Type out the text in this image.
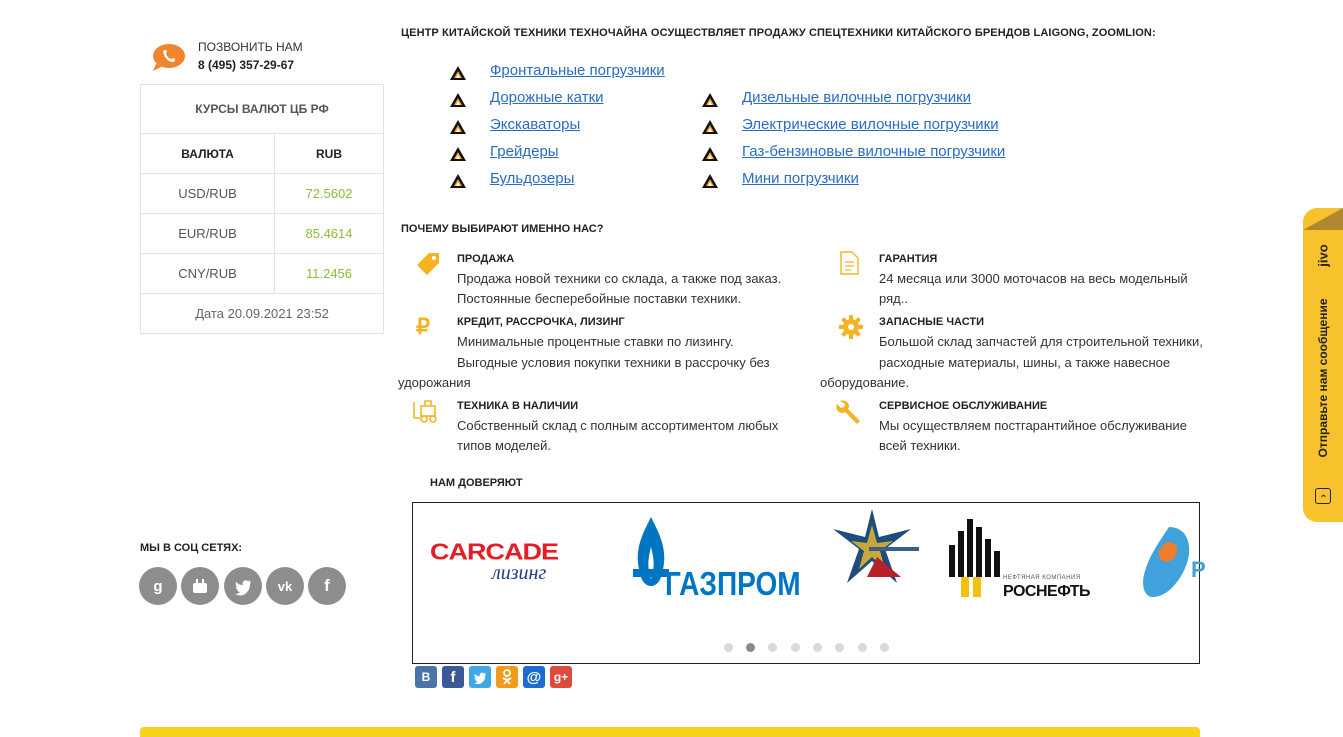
ПОЗВОНИТЬ НАМ
8 (495) 357-29-67
КУРСЫ ВАЛЮТ ЦБ РФ	
ВАЛЮТА	RUB
USD/RUB	72.5602
EUR/RUB	85.4614
CNY/RUB	11.2456
Дата 20.09.2021 23:52	
МЫ В СОЦ СЕТЯХ:
g	vk	f
ЦЕНТР КИТАЙСКОЙ ТЕХНИКИ ТЕХНОЧАЙНА ОСУЩЕСТВЛЯЕТ ПРОДАЖУ СПЕЦТЕХНИКИ КИТАЙСКОГО БРЕНДОВ LAIGONG, ZOOMLION:
Фронтальные погрузчики
Дорожные катки
Экскаваторы
Грейдеры
Бульдозеры
Дизельные вилочные погрузчики
Электрические вилочные погрузчики
Газ-бензиновые вилочные погрузчики
Мини погрузчики
ПОЧЕМУ ВЫБИРАЮТ ИМЕННО НАС?
ПРОДАЖА
Продажа новой техники со склада, а также под заказ.
Постоянные бесперебойные поставки техники.
ГАРАНТИЯ
24 месяца или 3000 моточасов на весь модельный
ряд..
₽ КРЕДИТ, РАССРОЧКА, ЛИЗИНГ
Минимальные процентные ставки по лизингу.
Выгодные условия покупки техники в рассрочку без
удорожания
ЗАПАСНЫЕ ЧАСТИ
Большой склад запчастей для строительной техники,
расходные материалы, шины, а также навесное
оборудование.
ТЕХНИКА В НАЛИЧИИ
Собственный склад с полным ассортиментом любых
типов моделей.
СЕРВИСНОЕ ОБСЛУЖИВАНИЕ
Мы осуществляем постгарантийное обслуживание
всей техники.
НАМ ДОВЕРЯЮТ
CARCADE
лизинг	ГАЗПРОМ	НЕФТЯНАЯ КОМПАНИЯ
РОСНЕФТЬ
Р
B	f	@	g+
jivo
Отправьте нам сообщение
›
